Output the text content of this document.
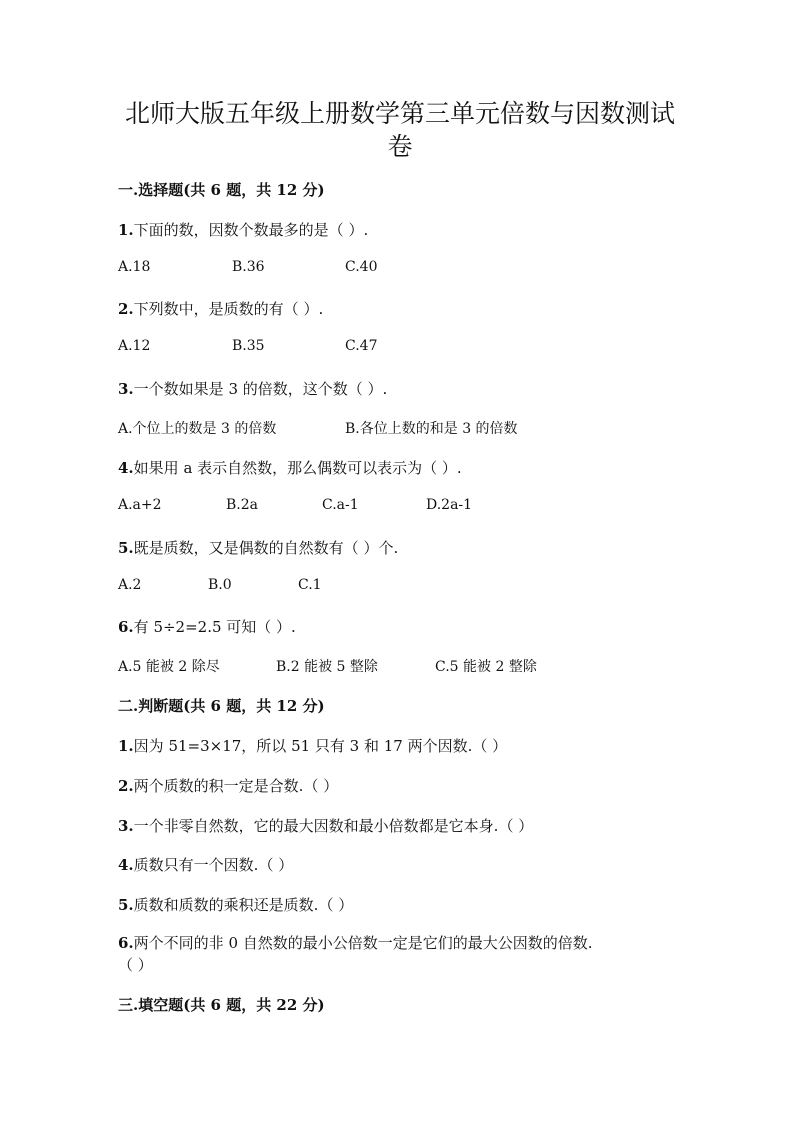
北师大版五年级上册数学第三单元倍数与因数测试
卷
一.选择题(共 6 题，共 12 分)
1.下面的数，因数个数最多的是（ ）.
A.18	B.36	C.40
2.下列数中，是质数的有（ ）.
A.12	B.35	C.47
3.一个数如果是 3 的倍数，这个数（ ）.
A.个位上的数是 3 的倍数	B.各位上数的和是 3 的倍数
4.如果用 a 表示自然数，那么偶数可以表示为（ ）.
A.a+2	B.2a	C.a-1	D.2a-1
5.既是质数，又是偶数的自然数有（ ）个.
A.2	B.0	C.1
6.有 5÷2=2.5 可知（ ）.
A.5 能被 2 除尽	B.2 能被 5 整除	C.5 能被 2 整除
二.判断题(共 6 题，共 12 分)
1.因为 51=3×17，所以 51 只有 3 和 17 两个因数.（ ）
2.两个质数的积一定是合数.（ ）
3.一个非零自然数，它的最大因数和最小倍数都是它本身.（ ）
4.质数只有一个因数.（ ）
5.质数和质数的乘积还是质数.（ ）
6.两个不同的非 0 自然数的最小公倍数一定是它们的最大公因数的倍数.
（ ）
三.填空题(共 6 题，共 22 分)
